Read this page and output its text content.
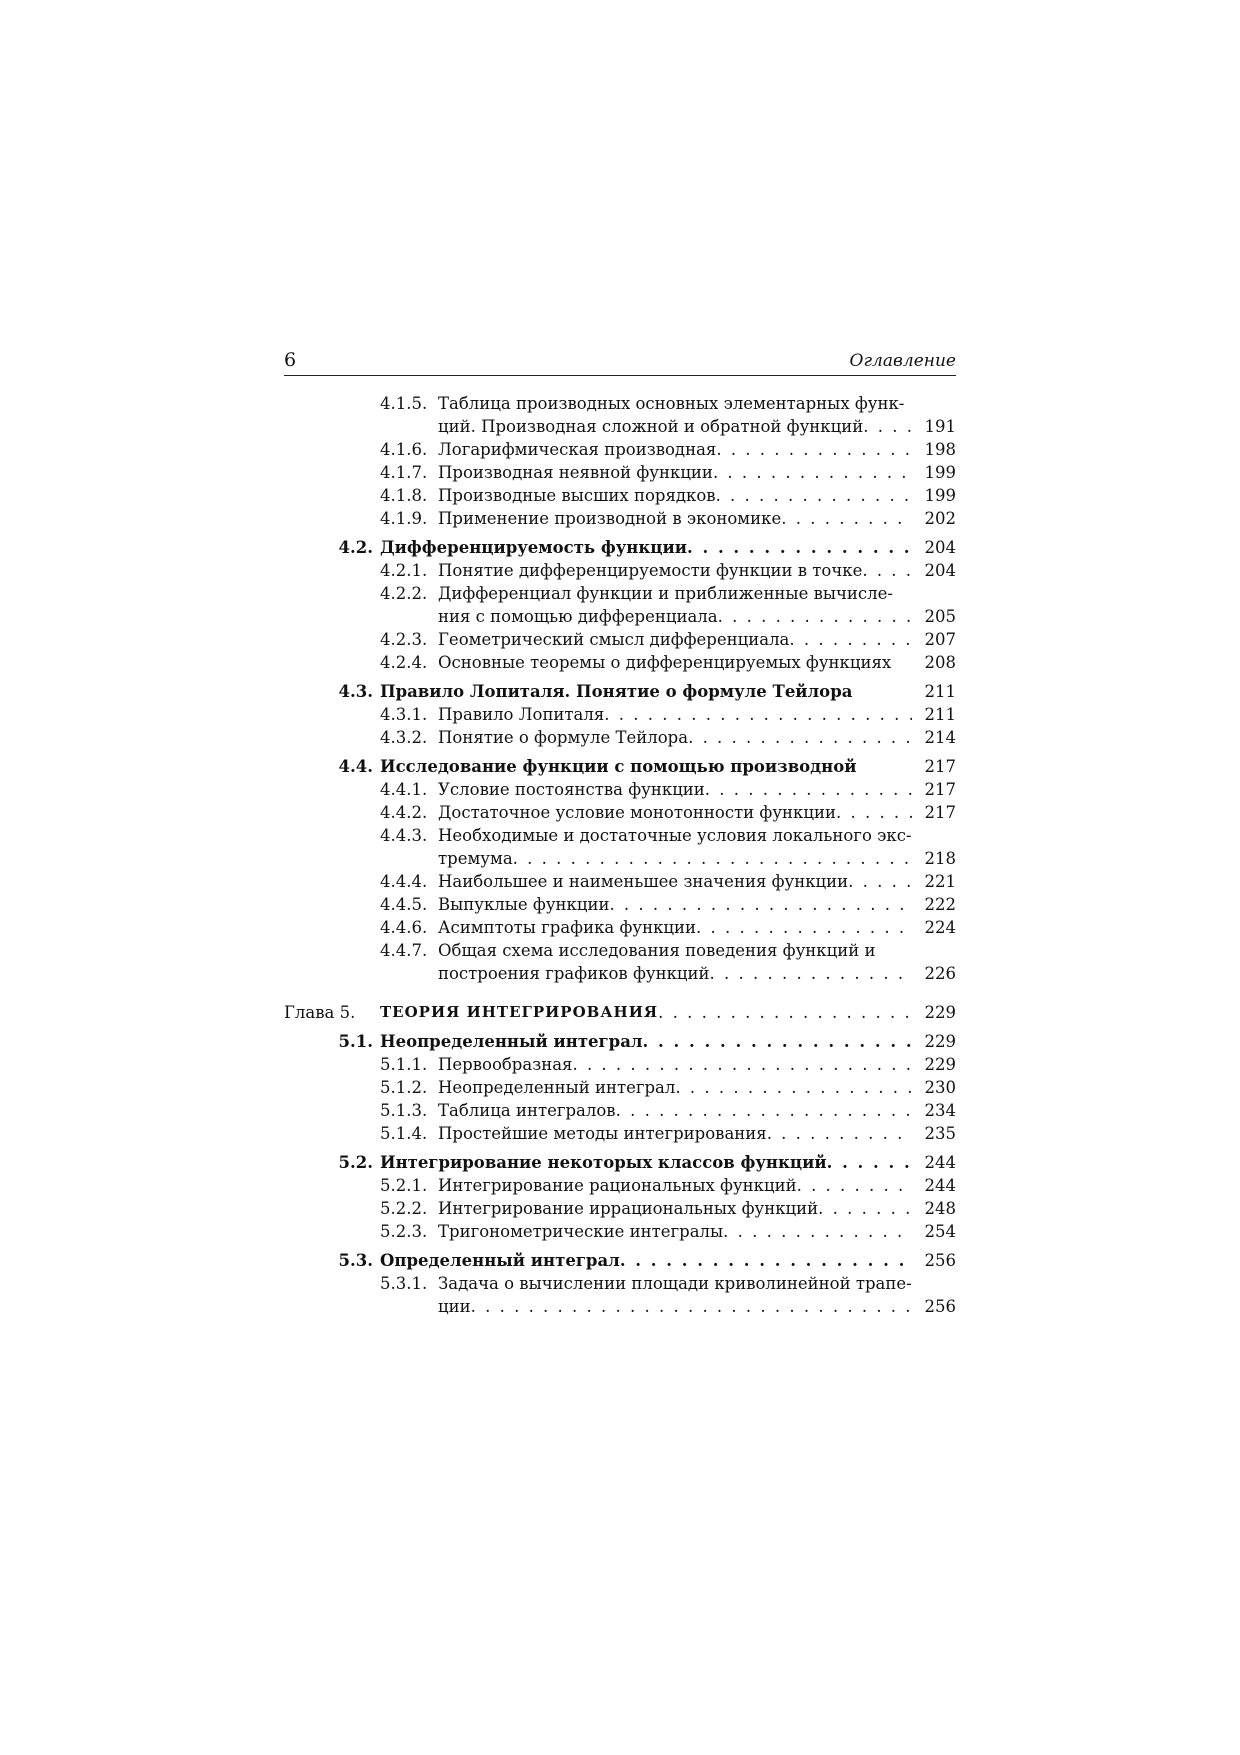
6	Оглавление
4.1.5. Таблица производных основных элементарных функ-
ций. Производная сложной и обратной функций . . .	191
4.1.6. Логарифмическая производная . . .	198
4.1.7. Производная неявной функции . . .	199
4.1.8. Производные высших порядков . . .	199
4.1.9. Применение производной в экономике . . .	202
4.2. Дифференцируемость функции . . .	204
4.2.1. Понятие дифференцируемости функции в точке . . .	204
4.2.2. Дифференциал функции и приближенные вычисле-
ния с помощью дифференциала . . .	205
4.2.3. Геометрический смысл дифференциала . . .	207
4.2.4. Основные теоремы о дифференцируемых функциях 208
4.3. Правило Лопиталя. Понятие о формуле Тейлора	211
4.3.1. Правило Лопиталя . . .	211
4.3.2. Понятие о формуле Тейлора . . .	214
4.4. Исследование функции с помощью производной	217
4.4.1. Условие постоянства функции . . .	217
4.4.2. Достаточное условие монотонности функции . . .	217
4.4.3. Необходимые и достаточные условия локального экс-
тремума . . .	218
4.4.4. Наибольшее и наименьшее значения функции . . .	221
4.4.5. Выпуклые функции . . .	222
4.4.6. Асимптоты графика функции . . .	224
4.4.7. Общая схема исследования поведения функций и
построения графиков функций . . .	226
Глава 5. ТЕОРИЯ ИНТЕГРИРОВАНИЯ . . .	229
5.1. Неопределенный интеграл . . .	229
5.1.1. Первообразная . . .	229
5.1.2. Неопределенный интеграл . . .	230
5.1.3. Таблица интегралов . . .	234
5.1.4. Простейшие методы интегрирования . . .	235
5.2. Интегрирование некоторых классов функций . . .	244
5.2.1. Интегрирование рациональных функций . . .	244
5.2.2. Интегрирование иррациональных функций . . .	248
5.2.3. Тригонометрические интегралы . . .	254
5.3. Определенный интеграл . . .	256
5.3.1. Задача о вычислении площади криволинейной трапе-
ции . . .	256
